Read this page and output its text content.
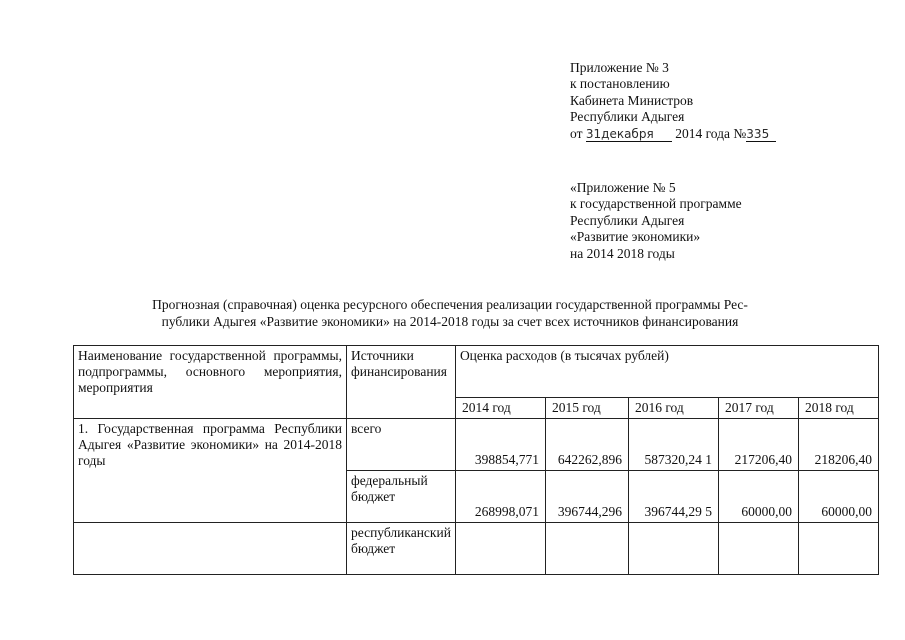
Приложение № 3
к постановлению
Кабинета Министров
Республики Адыгея
от 31декабря 2014 года №335
«Приложение № 5
к государственной программе
Республики Адыгея
«Развитие экономики»
на 2014 2018 годы
Прогнозная (справочная) оценка ресурсного обеспечения реализации государственной программы Рес-
публики Адыгея «Развитие экономики» на 2014-2018 годы за счет всех источников финансирования
Наименование государственной программы, подпрограммы, основного мероприятия, мероприятия	Источники финансирования	Оценка расходов (в тысячах рублей)				
		2014 год	2015 год	2016 год	2017 год	2018 год
1. Государственная программа Республики Адыгея «Развитие экономики» на 2014-2018 годы	всего	398854,771	642262,896	587320,24 1	217206,40	218206,40
	федеральный бюджет	268998,071	396744,296	396744,29 5	60000,00	60000,00
	республиканский бюджет					
